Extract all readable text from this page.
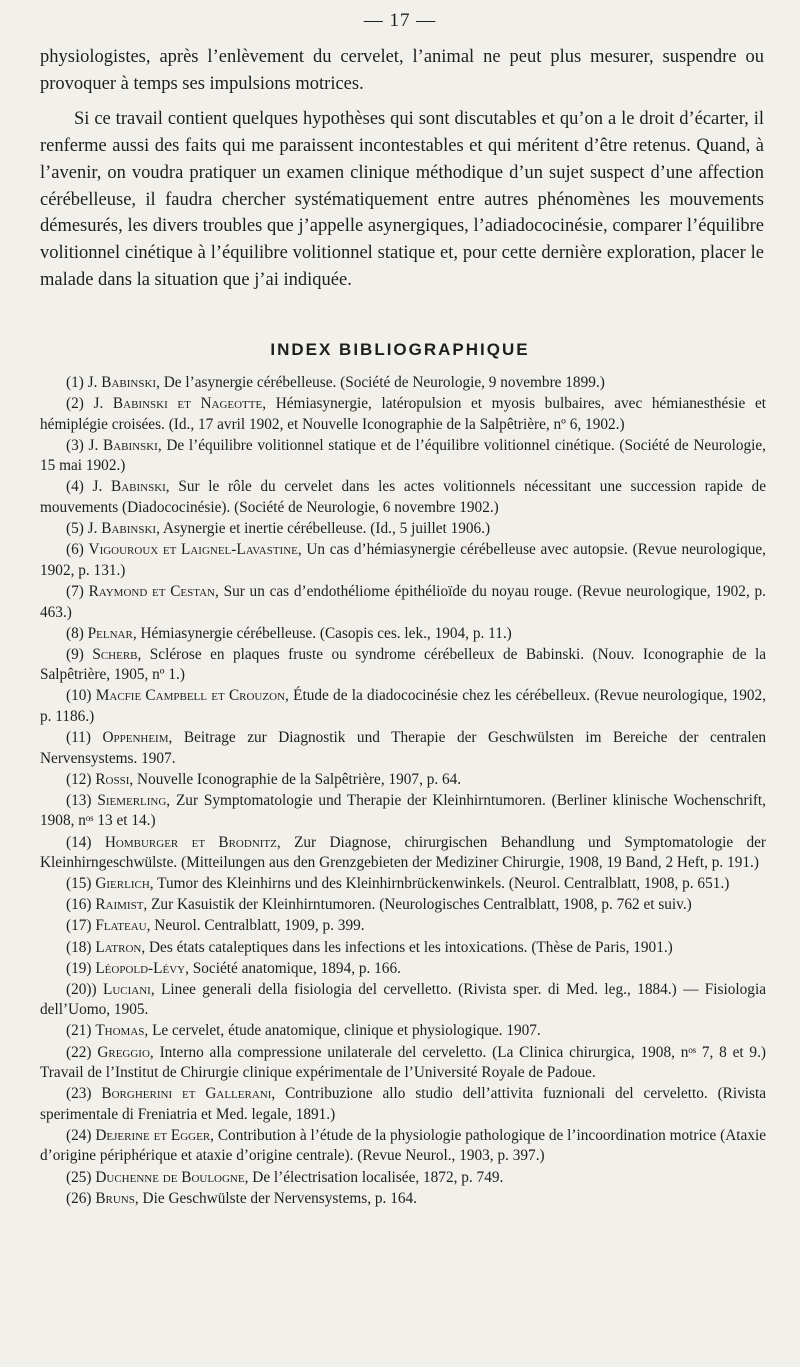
— 17 —

physiologistes, après l’enlèvement du cervelet, l’animal ne peut plus mesurer, suspendre ou provoquer à temps ses impulsions motrices.

Si ce travail contient quelques hypothèses qui sont discutables et qu’on a le droit d’écarter, il renferme aussi des faits qui me paraissent incontestables et qui méritent d’être retenus. Quand, à l’avenir, on voudra pratiquer un examen clinique méthodique d’un sujet suspect d’une affection cérébelleuse, il faudra chercher systématiquement entre autres phénomènes les mouvements démesurés, les divers troubles que j’appelle asynergiques, l’adiadococinésie, comparer l’équilibre volitionnel cinétique à l’équilibre volitionnel statique et, pour cette dernière exploration, placer le malade dans la situation que j’ai indiquée.

INDEX BIBLIOGRAPHIQUE

(1) J. Babinski, De l’asynergie cérébelleuse. (Société de Neurologie, 9 novembre 1899.)

(2) J. Babinski et Nageotte, Hémiasynergie, latéropulsion et myosis bulbaires, avec hémianesthésie et hémiplégie croisées. (Id., 17 avril 1902, et Nouvelle Iconographie de la Salpêtrière, nº 6, 1902.)

(3) J. Babinski, De l’équilibre volitionnel statique et de l’équilibre volitionnel cinétique. (Société de Neurologie, 15 mai 1902.)

(4) J. Babinski, Sur le rôle du cervelet dans les actes volitionnels nécessitant une succession rapide de mouvements (Diadococinésie). (Société de Neurologie, 6 novembre 1902.)

(5) J. Babinski, Asynergie et inertie cérébelleuse. (Id., 5 juillet 1906.)

(6) Vigouroux et Laignel-Lavastine, Un cas d’hémiasynergie cérébelleuse avec autopsie. (Revue neurologique, 1902, p. 131.)

(7) Raymond et Cestan, Sur un cas d’endothéliome épithélioïde du noyau rouge. (Revue neurologique, 1902, p. 463.)

(8) Pelnar, Hémiasynergie cérébelleuse. (Casopis ces. lek., 1904, p. 11.)

(9) Scherb, Sclérose en plaques fruste ou syndrome cérébelleux de Babinski. (Nouv. Iconographie de la Salpêtrière, 1905, nº 1.)

(10) Macfie Campbell et Crouzon, Étude de la diadococinésie chez les cérébelleux. (Revue neurologique, 1902, p. 1186.)

(11) Oppenheim, Beitrage zur Diagnostik und Therapie der Geschwülsten im Bereiche der centralen Nervensystems. 1907.

(12) Rossi, Nouvelle Iconographie de la Salpêtrière, 1907, p. 64.

(13) Siemerling, Zur Symptomatologie und Therapie der Kleinhirntumoren. (Berliner klinische Wochenschrift, 1908, nᵒˢ 13 et 14.)

(14) Homburger et Brodnitz, Zur Diagnose, chirurgischen Behandlung und Symptomatologie der Kleinhirngeschwülste. (Mitteilungen aus den Grenzgebieten der Mediziner Chirurgie, 1908, 19 Band, 2 Heft, p. 191.)

(15) Gierlich, Tumor des Kleinhirns und des Kleinhirnbrückenwinkels. (Neurol. Centralblatt, 1908, p. 651.)

(16) Raimist, Zur Kasuistik der Kleinhirntumoren. (Neurologisches Centralblatt, 1908, p. 762 et suiv.)

(17) Flateau, Neurol. Centralblatt, 1909, p. 399.

(18) Latron, Des états cataleptiques dans les infections et les intoxications. (Thèse de Paris, 1901.)

(19) Léopold-Lévy, Société anatomique, 1894, p. 166.

(20)) Luciani, Linee generali della fisiologia del cervelletto. (Rivista sper. di Med. leg., 1884.) — Fisiologia dell’Uomo, 1905.

(21) Thomas, Le cervelet, étude anatomique, clinique et physiologique. 1907.

(22) Greggio, Interno alla compressione unilaterale del cerveletto. (La Clinica chirurgica, 1908, nᵒˢ 7, 8 et 9.) Travail de l’Institut de Chirurgie clinique expérimentale de l’Université Royale de Padoue.

(23) Borgherini et Gallerani, Contribuzione allo studio dell’attivita fuznionali del cerveletto. (Rivista sperimentale di Freniatria et Med. legale, 1891.)

(24) Dejerine et Egger, Contribution à l’étude de la physiologie pathologique de l’incoordination motrice (Ataxie d’origine périphérique et ataxie d’origine centrale). (Revue Neurol., 1903, p. 397.)

(25) Duchenne de Boulogne, De l’électrisation localisée, 1872, p. 749.

(26) Bruns, Die Geschwülste der Nervensystems, p. 164.
